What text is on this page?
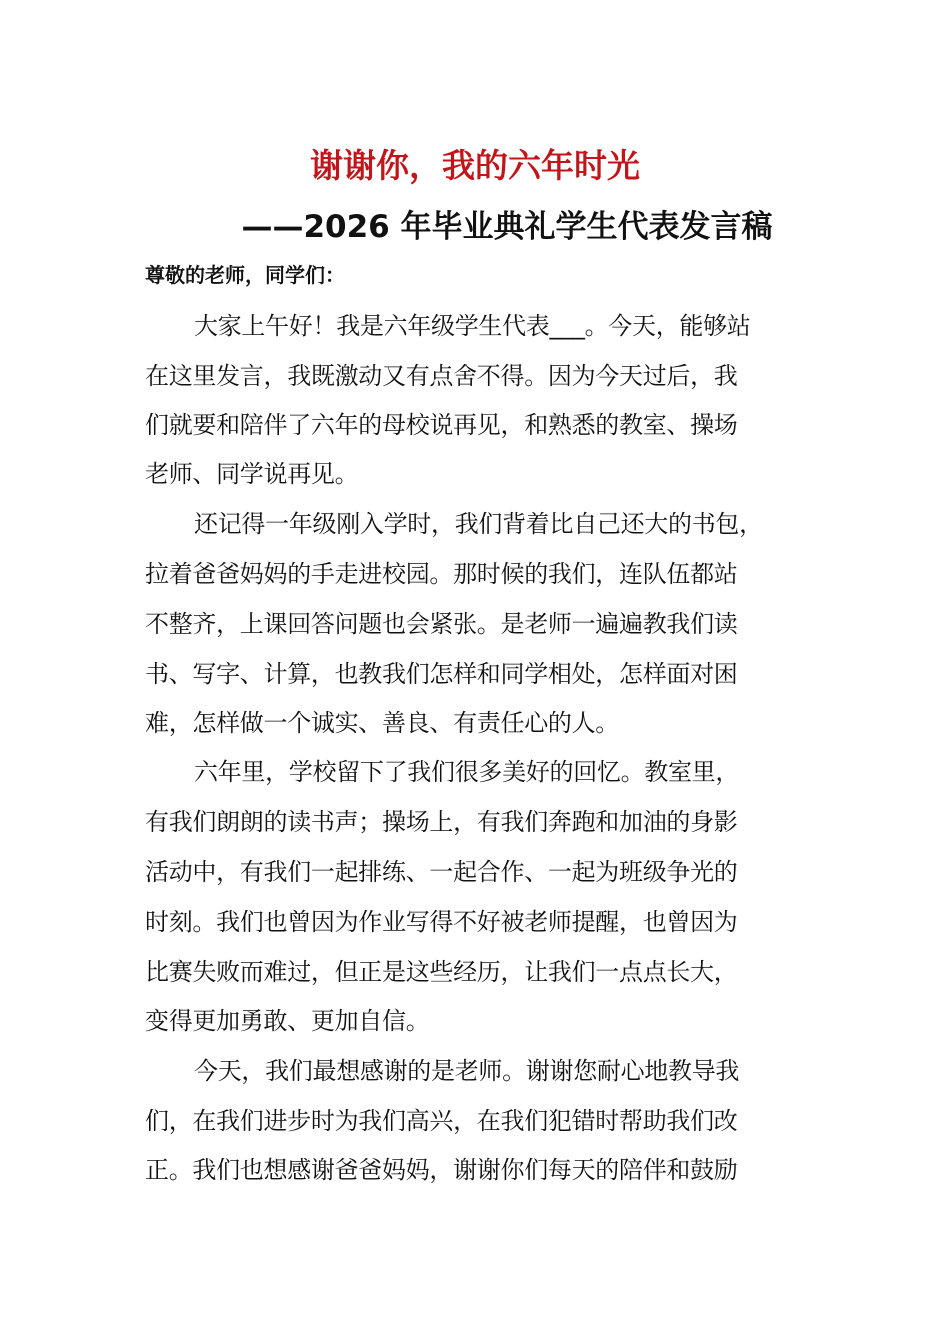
谢谢你，我的六年时光
——2026 年毕业典礼学生代表发言稿
尊敬的老师，同学们：
大家上午好！我是六年级学生代表___。今天，能够站
在这里发言，我既激动又有点舍不得。因为今天过后，我
们就要和陪伴了六年的母校说再见，和熟悉的教室、操场
老师、同学说再见。
还记得一年级刚入学时，我们背着比自己还大的书包，
拉着爸爸妈妈的手走进校园。那时候的我们，连队伍都站
不整齐，上课回答问题也会紧张。是老师一遍遍教我们读
书、写字、计算，也教我们怎样和同学相处，怎样面对困
难，怎样做一个诚实、善良、有责任心的人。
六年里，学校留下了我们很多美好的回忆。教室里，
有我们朗朗的读书声；操场上，有我们奔跑和加油的身影
活动中，有我们一起排练、一起合作、一起为班级争光的
时刻。我们也曾因为作业写得不好被老师提醒，也曾因为
比赛失败而难过，但正是这些经历，让我们一点点长大，
变得更加勇敢、更加自信。
今天，我们最想感谢的是老师。谢谢您耐心地教导我
们，在我们进步时为我们高兴，在我们犯错时帮助我们改
正。我们也想感谢爸爸妈妈，谢谢你们每天的陪伴和鼓励
